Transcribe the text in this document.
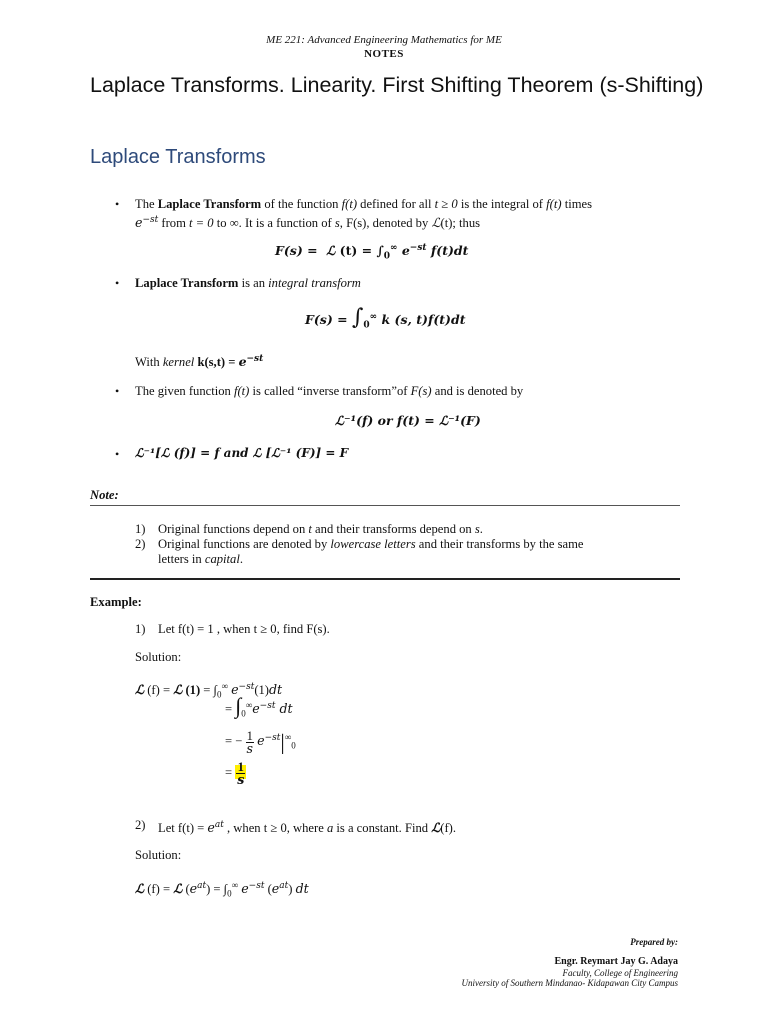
ME 221: Advanced Engineering Mathematics for ME
NOTES
Laplace Transforms. Linearity. First Shifting Theorem (s-Shifting)
Laplace Transforms
• The Laplace Transform of the function f(t) defined for all t ≥ 0 is the integral of f(t) times
$e^{-st}$ from t = 0 to ∞. It is a function of s, F(s), denoted by ℒ(t); thus
F(s) =  ℒ $(t) = \int_0^\infty$ $e^{-st}$ f(t)dt
• Laplace Transform is an integral transform
$F(s) = \int_0^\infty$ k (s, t)f(t)dt
With kernel $k(s,t) = e^{-st}$
• The given function f(t) is called “inverse transform”of F(s) and is denoted by
ℒ⁻¹(f) or f(t) = ℒ⁻¹(F)
• ℒ⁻¹[ℒ (f)] = f and ℒ [ℒ⁻¹ (F)] = F
Note:
1) Original functions depend on t and their transforms depend on s.
2) Original functions are denoted by lowercase letters and their transforms by the same
letters in capital.
Example:
1) Let f(t) = 1 , when t ≥ 0, find F(s).
Solution:
ℒ (f) = ℒ $(1) = \int_0^\infty$ $e^{-st}(1)dt$
= $\int_0^\infty e^{-st}$ dt
= − $\frac{1}{s} e^{-st}|^\infty_0$
= $\frac{1}{s}$
2) Let $f(t) = e^{at}$ , when t ≥ 0, where a is a constant. Find ℒ(f).
Solution:
ℒ (f) = ℒ $(e^{at}) = \int_0^\infty$ $e^{-st}$ $(e^{at})$ dt
Prepared by:
Engr. Reymart Jay G. Adaya
Faculty, College of Engineering
University of Southern Mindanao- Kidapawan City Campus
